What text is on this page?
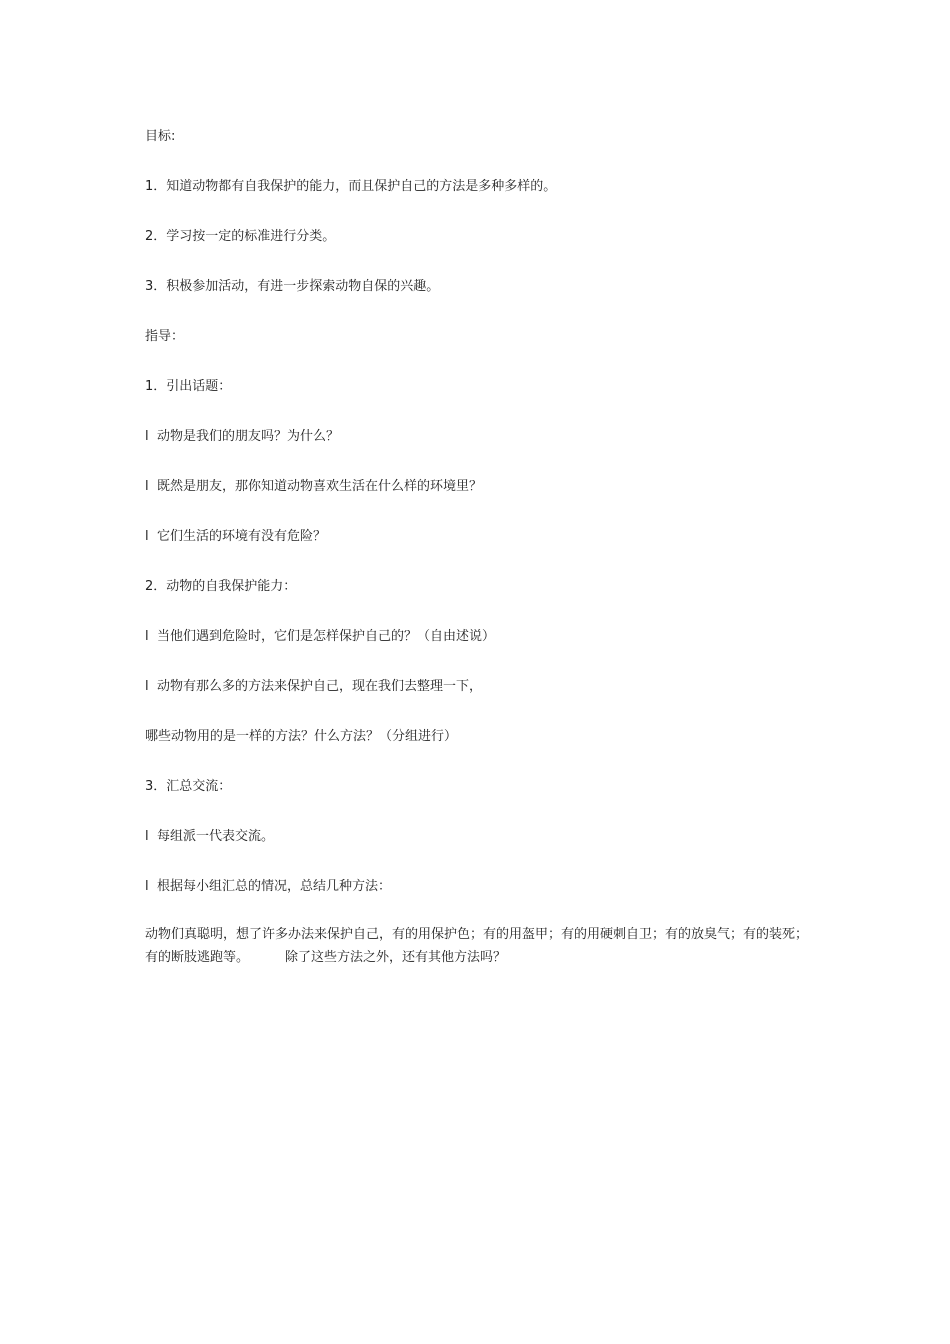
目标:
1．知道动物都有自我保护的能力，而且保护自己的方法是多种多样的。
2．学习按一定的标准进行分类。
3．积极参加活动，有进一步探索动物自保的兴趣。
指导：
1．引出话题：
l 动物是我们的朋友吗？为什么？
l 既然是朋友，那你知道动物喜欢生活在什么样的环境里？
l 它们生活的环境有没有危险？
2．动物的自我保护能力：
l 当他们遇到危险时，它们是怎样保护自己的？（自由述说）
l 动物有那么多的方法来保护自己，现在我们去整理一下，
哪些动物用的是一样的方法？什么方法？（分组进行）
3．汇总交流：
l 每组派一代表交流。
l 根据每小组汇总的情况，总结几种方法：
动物们真聪明，想了许多办法来保护自己，有的用保护色；有的用盔甲；有的用硬刺自卫；有的放臭气；有的装死；有的断肢逃跑等。	除了这些方法之外，还有其他方法吗？
